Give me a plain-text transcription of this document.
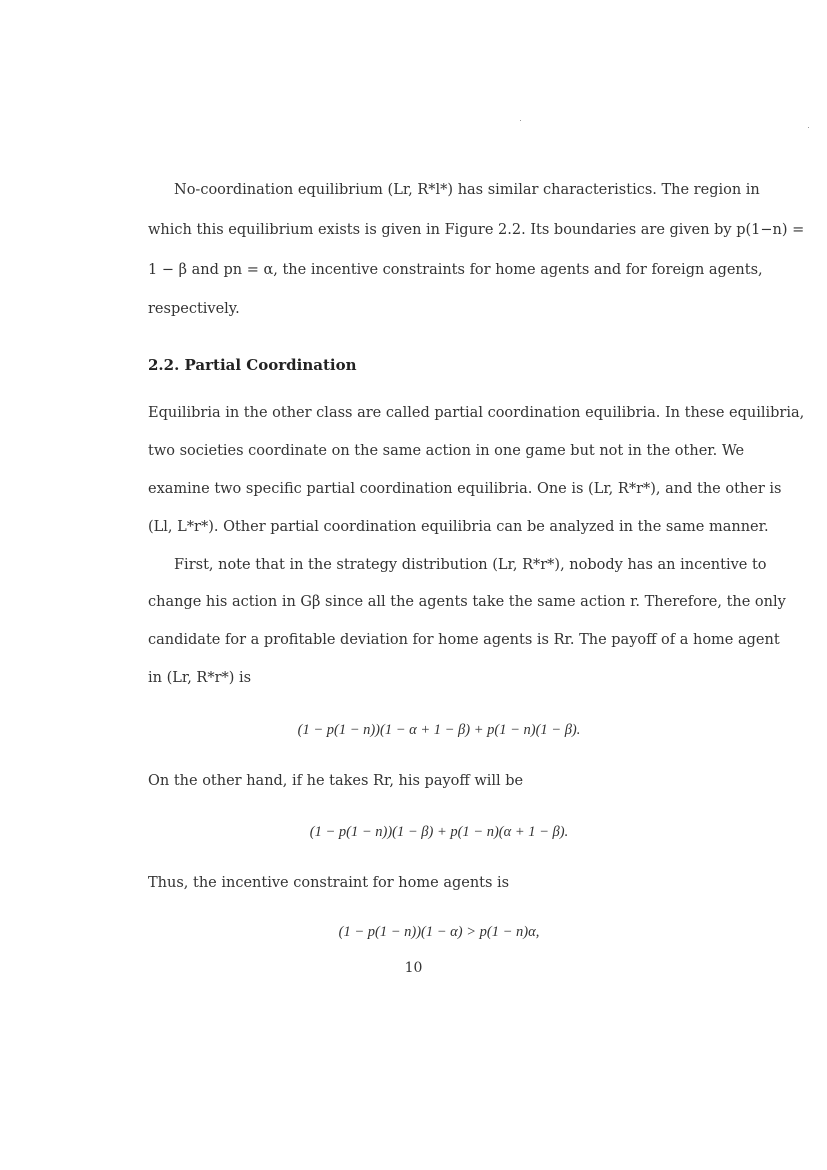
No-coordination equilibrium (Lr, R*l*) has similar characteristics. The region in
which this equilibrium exists is given in Figure 2.2. Its boundaries are given by p(1−n) =
1 − β and pn = α, the incentive constraints for home agents and for foreign agents,
respectively.
2.2. Partial Coordination
Equilibria in the other class are called partial coordination equilibria. In these equilibria,
two societies coordinate on the same action in one game but not in the other. We
examine two specific partial coordination equilibria. One is (Lr, R*r*), and the other is
(Ll, L*r*). Other partial coordination equilibria can be analyzed in the same manner.
First, note that in the strategy distribution (Lr, R*r*), nobody has an incentive to
change his action in Gβ since all the agents take the same action r. Therefore, the only
candidate for a profitable deviation for home agents is Rr. The payoff of a home agent
in (Lr, R*r*) is
(1 − p(1 − n))(1 − α + 1 − β) + p(1 − n)(1 − β).
On the other hand, if he takes Rr, his payoff will be
(1 − p(1 − n))(1 − β) + p(1 − n)(α + 1 − β).
Thus, the incentive constraint for home agents is
(1 − p(1 − n))(1 − α) > p(1 − n)α,
10
